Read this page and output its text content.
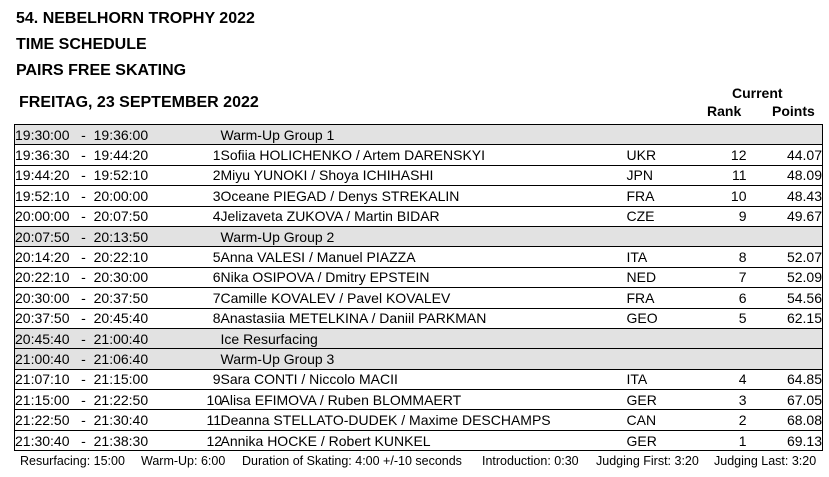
54. NEBELHORN TROPHY 2022
TIME SCHEDULE
PAIRS FREE SKATING
FREITAG, 23 SEPTEMBER 2022
Current
Rank Points
19:30:00   -  19:36:00		Warm-Up Group 1			
19:36:30   -  19:44:20	1	Sofiia HOLICHENKO / Artem DARENSKYI	UKR	12	44.07
19:44:20   -  19:52:10	2	Miyu YUNOKI / Shoya ICHIHASHI	JPN	11	48.09
19:52:10   -  20:00:00	3	Oceane PIEGAD / Denys STREKALIN	FRA	10	48.43
20:00:00   -  20:07:50	4	Jelizaveta ZUKOVA / Martin BIDAR	CZE	9	49.67
20:07:50   -  20:13:50		Warm-Up Group 2			
20:14:20   -  20:22:10	5	Anna VALESI / Manuel PIAZZA	ITA	8	52.07
20:22:10   -  20:30:00	6	Nika OSIPOVA / Dmitry EPSTEIN	NED	7	52.09
20:30:00   -  20:37:50	7	Camille KOVALEV / Pavel KOVALEV	FRA	6	54.56
20:37:50   -  20:45:40	8	Anastasiia METELKINA / Daniil PARKMAN	GEO	5	62.15
20:45:40   -  21:00:40		Ice Resurfacing			
21:00:40   -  21:06:40		Warm-Up Group 3			
21:07:10   -  21:15:00	9	Sara CONTI / Niccolo MACII	ITA	4	64.85
21:15:00   -  21:22:50	10	Alisa EFIMOVA / Ruben BLOMMAERT	GER	3	67.05
21:22:50   -  21:30:40	11	Deanna STELLATO-DUDEK / Maxime DESCHAMPS	CAN	2	68.08
21:30:40   -  21:38:30	12	Annika HOCKE / Robert KUNKEL	GER	1	69.13
Resurfacing: 15:00 Warm-Up: 6:00 Duration of Skating: 4:00 +/-10 seconds Introduction: 0:30 Judging First: 3:20 Judging Last: 3:20
